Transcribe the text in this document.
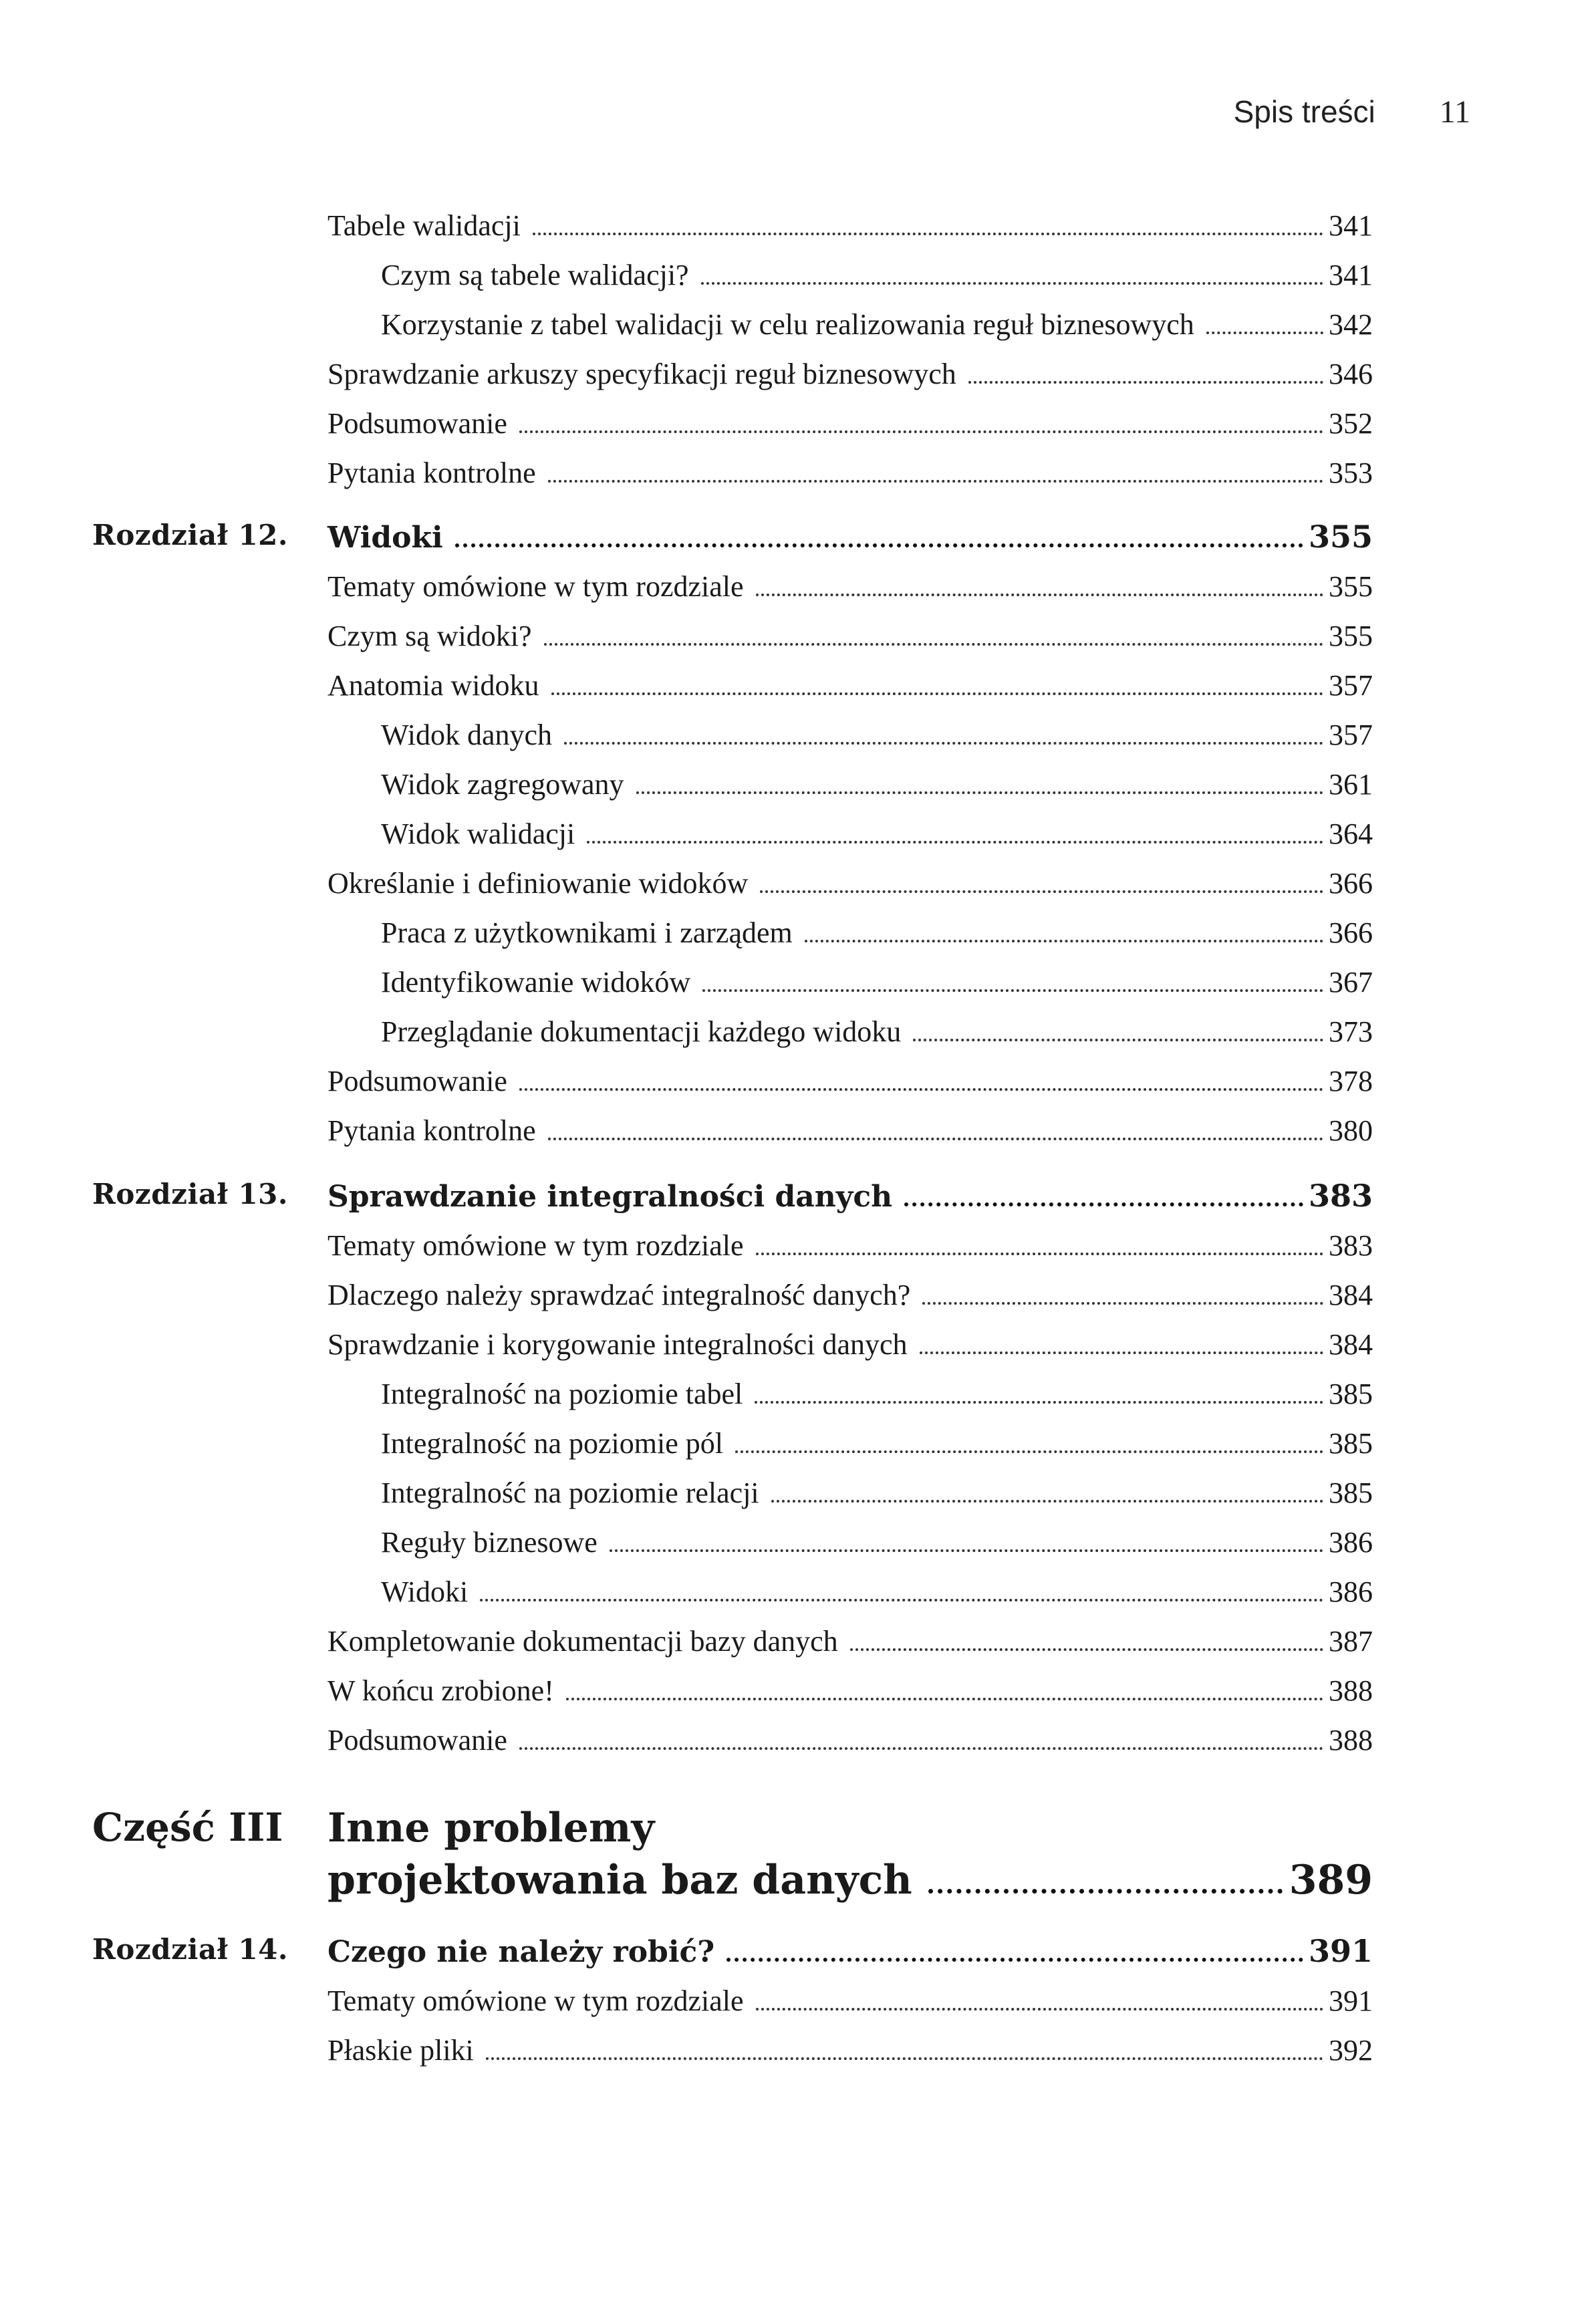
Spis treści 11
Tabele walidacji	341
Czym są tabele walidacji?	341
Korzystanie z tabel walidacji w celu realizowania reguł biznesowych	342
Sprawdzanie arkuszy specyfikacji reguł biznesowych	346
Podsumowanie	352
Pytania kontrolne	353
Rozdział 12. Widoki	355
Tematy omówione w tym rozdziale	355
Czym są widoki?	355
Anatomia widoku	357
Widok danych	357
Widok zagregowany	361
Widok walidacji	364
Określanie i definiowanie widoków	366
Praca z użytkownikami i zarządem	366
Identyfikowanie widoków	367
Przeglądanie dokumentacji każdego widoku	373
Podsumowanie	378
Pytania kontrolne	380
Rozdział 13. Sprawdzanie integralności danych	383
Tematy omówione w tym rozdziale	383
Dlaczego należy sprawdzać integralność danych?	384
Sprawdzanie i korygowanie integralności danych	384
Integralność na poziomie tabel	385
Integralność na poziomie pól	385
Integralność na poziomie relacji	385
Reguły biznesowe	386
Widoki	386
Kompletowanie dokumentacji bazy danych	387
W końcu zrobione!	388
Podsumowanie	388
Część III Inne problemy
projektowania baz danych	389
Rozdział 14. Czego nie należy robić?	391
Tematy omówione w tym rozdziale	391
Płaskie pliki	392
